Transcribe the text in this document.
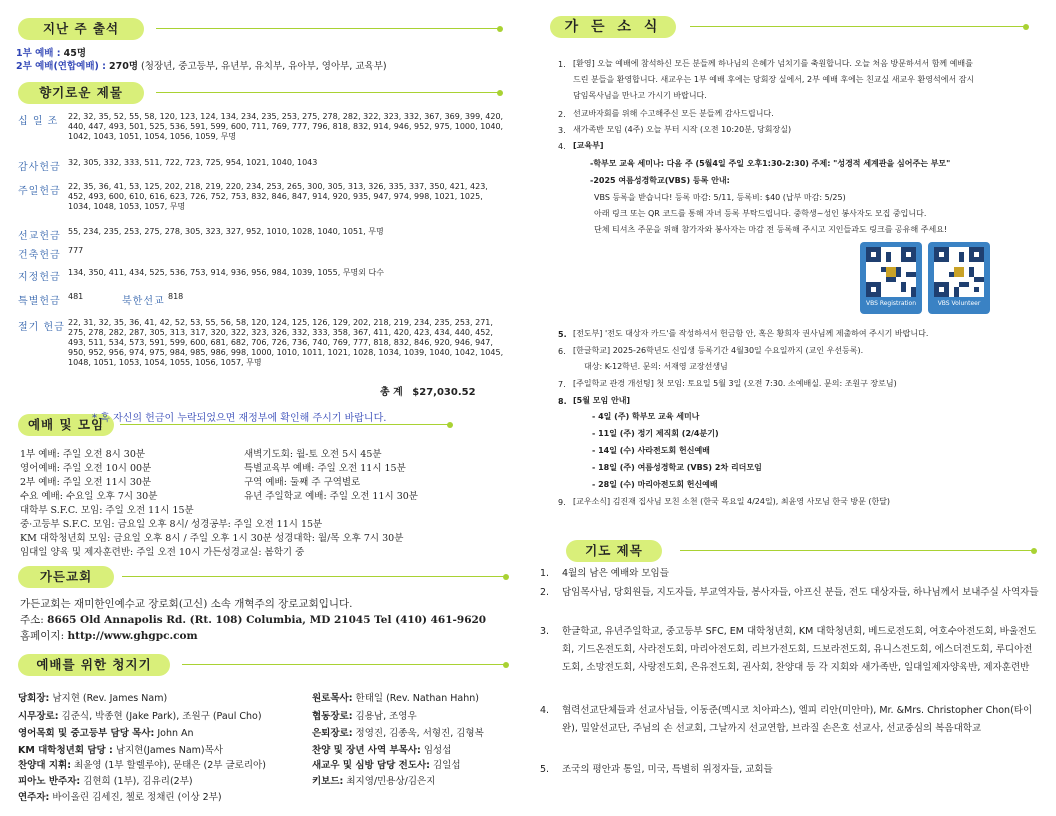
지난 주 출석
1부 예배 : 45명
2부 예배(연합예배) : 270명 (청장년, 중고등부, 유년부, 유치부, 유아부, 영아부, 교육부)
향기로운 제물
십 일 조	22, 32, 35, 52, 55, 58, 120, 123, 124, 134, 234, 235, 253, 275, 278, 282, 322, 323, 332, 367, 369, 399, 420, 440, 447, 493, 501, 525, 536, 591, 599, 600, 711, 769, 777, 796, 818, 832, 914, 946, 952, 975, 1000, 1040, 1042, 1043, 1051, 1054, 1056, 1059, 무명
감사헌금 32, 305, 332, 333, 511, 722, 723, 725, 954, 1021, 1040, 1043
주일헌금 22, 35, 36, 41, 53, 125, 202, 218, 219, 220, 234, 253, 265, 300, 305, 313, 326, 335, 337, 350, 421, 423, 452, 493, 600, 610, 616, 623, 726, 752, 753, 832, 846, 847, 914, 920, 935, 947, 974, 998, 1021, 1025, 1034, 1048, 1053, 1057, 무명
선교헌금 55, 234, 235, 253, 275, 278, 305, 323, 327, 952, 1010, 1028, 1040, 1051, 무명
건축헌금 777
지정헌금 134, 350, 411, 434, 525, 536, 753, 914, 936, 956, 984, 1039, 1055, 무명외 다수
특별헌금 481	북한선교 818
절기 헌금 22, 31, 32, 35, 36, 41, 42, 52, 53, 55, 56, 58, 120, 124, 125, 126, 129, 202, 218, 219, 234, 235, 253, 271, 275, 278, 282, 287, 305, 313, 317, 320, 322, 323, 326, 332, 333, 358, 367, 411, 420, 423, 434, 440, 452, 493, 511, 534, 573, 591, 599, 600, 681, 682, 706, 726, 736, 740, 769, 777, 818, 832, 846, 920, 946, 947, 950, 952, 956, 974, 975, 984, 985, 986, 998, 1000, 1010, 1011, 1021, 1028, 1034, 1039, 1040, 1042, 1045, 1048, 1051, 1053, 1054, 1055, 1056, 1057, 무명
총 계 $27,030.52
예배 및 모임
* 혹 자신의 헌금이 누락되었으면 재정부에 확인해 주시기 바랍니다.
1부 예배: 주일 오전 8시 30분	새벽기도회: 월-토 오전 5시 45분
영어예배: 주일 오전 10시 00분	특별교육부 예배: 주일 오전 11시 15분
2부 예배: 주일 오전 11시 30분	구역 예배: 둘째 주 구역별로
수요 예배: 수요일 오후 7시 30분	유년 주일학교 예배: 주일 오전 11시 30분
대학부 S.F.C. 모임: 주일 오전 11시 15분
중·고등부 S.F.C. 모임: 금요일 오후 8시/ 성경공부: 주일 오전 11시 15분
KM 대학청년회 모임: 금요일 오후 8시 / 주일 오후 1시 30분 성경대학: 월/목 오후 7시 30분
임대일 양육 및 제자훈련반: 주일 오전 10시 가든성경교실: 봄학기 중
가든교회
가든교회는 재미한인예수교 장로회(고신) 소속 개혁주의 장로교회입니다.
주소: 8665 Old Annapolis Rd. (Rt. 108) Columbia, MD 21045 Tel (410) 461-9620
홈페이지: http://www.ghgpc.com
예배를 위한 청지기
당회장: 남지현 (Rev. James Nam)
시무장로: 김준식, 박종현 (Jake Park), 조원구 (Paul Cho)
영어목회 및 중고등부 담당 목사: John An
KM 대학청년회 담당 : 남지현(James Nam)목사
찬양대 지휘: 최윤영 (1부 할렐루야), 문태은 (2부 글로리아)
피아노 반주자: 김현희 (1부), 김유리(2부)
연주자: 바이올린 김세진, 첼로 정채린 (이상 2부)
원로목사: 한태일 (Rev. Nathan Hahn)
협동장로: 김용남, 조영우
은퇴장로: 정영진, 김종욱, 서형진, 김형복
찬양 및 장년 사역 부목사: 임성섭
새교우 및 심방 담당 전도사: 김일섭
키보드: 최지영/민용상/김은지
가 든 소 식
1. [환영] 오늘 예배에 참석하신 모든 분들께 하나님의 은혜가 넘치기를 축원합니다. 오늘 처음 방문하셔서 함께 예배를
드린 분들을 환영합니다. 새교우는 1부 예배 후에는 당회장 실에서, 2부 예배 후에는 친교실 새교우 환영석에서 잠시
담임목사님을 만나고 가시기 바랍니다.
2. 선교바자회를 위해 수고해주신 모든 분들께 감사드립니다.
3. 새가족반 모임 (4주) 오늘 부터 시작 (오전 10:20분, 당회장실)
4. [교육부]
-학부모 교육 세미나: 다음 주 (5월4일 주일 오후1:30-2:30) 주제: "성경적 세계관을 심어주는 부모"
-2025 여름성경학교(VBS) 등록 안내:
VBS 등록을 받습니다! 등록 마감: 5/11, 등록비: $40 (납부 마감: 5/25)
아래 링크 또는 QR 코드를 통해 자녀 등록 부탁드립니다. 중학생~성인 봉사자도 모집 중입니다.
단체 티셔츠 주문을 위해 참가자와 봉사자는 마감 전 등록해 주시고 지인들과도 링크를 공유해 주세요!
VBS Registration	VBS Volunteer
5. [전도부] '전도 대상자 카드'를 작성하셔서 헌금함 안, 혹은 황희자 권사님께 제출하여 주시기 바랍니다.
6. [한글학교] 2025-26학년도 신입생 등록기간 4월30일 수요일까지 (교인 우선등록).
대상: K-12학년. 문의: 서재영 교장선생님
7. [주일학교 관경 개선팅] 첫 모임: 토요일 5월 3일 (오전 7:30. 소예배실. 문의: 조원구 장로님)
8. [5월 모임 안내]
- 4일 (주) 학부모 교육 세미나
- 11일 (주) 정기 제직회 (2/4분기)
- 14일 (수) 사라전도회 헌신예배
- 18일 (주) 여름성경학교 (VBS) 2차 리더모임
- 28일 (수) 마리아전도회 헌신예배
9. [교우소식] 김진재 집사님 모친 소천 (한국 목요일 4/24일), 최윤영 사모님 한국 방문 (한달)
기도 제목
1. 4월의 남은 예배와 모임들
2. 담임목사님, 당회원들, 지도자들, 부교역자들, 봉사자들, 아프신 분들, 전도 대상자들, 하나님께서 보내주실 사역자들
3. 한글학교, 유년주일학교, 중고등부 SFC, EM 대학청년회, KM 대학청년회, 베드로전도회, 여호수아전도회, 바울전도회, 기드온전도회, 사라전도회, 마리아전도회, 리브가전도회, 드보라전도회, 유니스전도회, 에스더전도회, 루디아전도회, 소망전도회, 사랑전도회, 은유전도회, 권사회, 찬양대 등 각 지회와 새가족반, 일대일제자양육반, 제자훈련반
4. 협력선교단체들과 선교사님들, 이동준(멕시코 치아파스), 엘피 리안(미안마), Mr. &Mrs. Christopher Chon(타이완), 밀알선교단, 주님의 손 선교회, 그날까지 선교연합, 브라질 손은호 선교사, 선교중심의 복음대학교
5. 조국의 평안과 통일, 미국, 특별히 위정자들, 교회들
